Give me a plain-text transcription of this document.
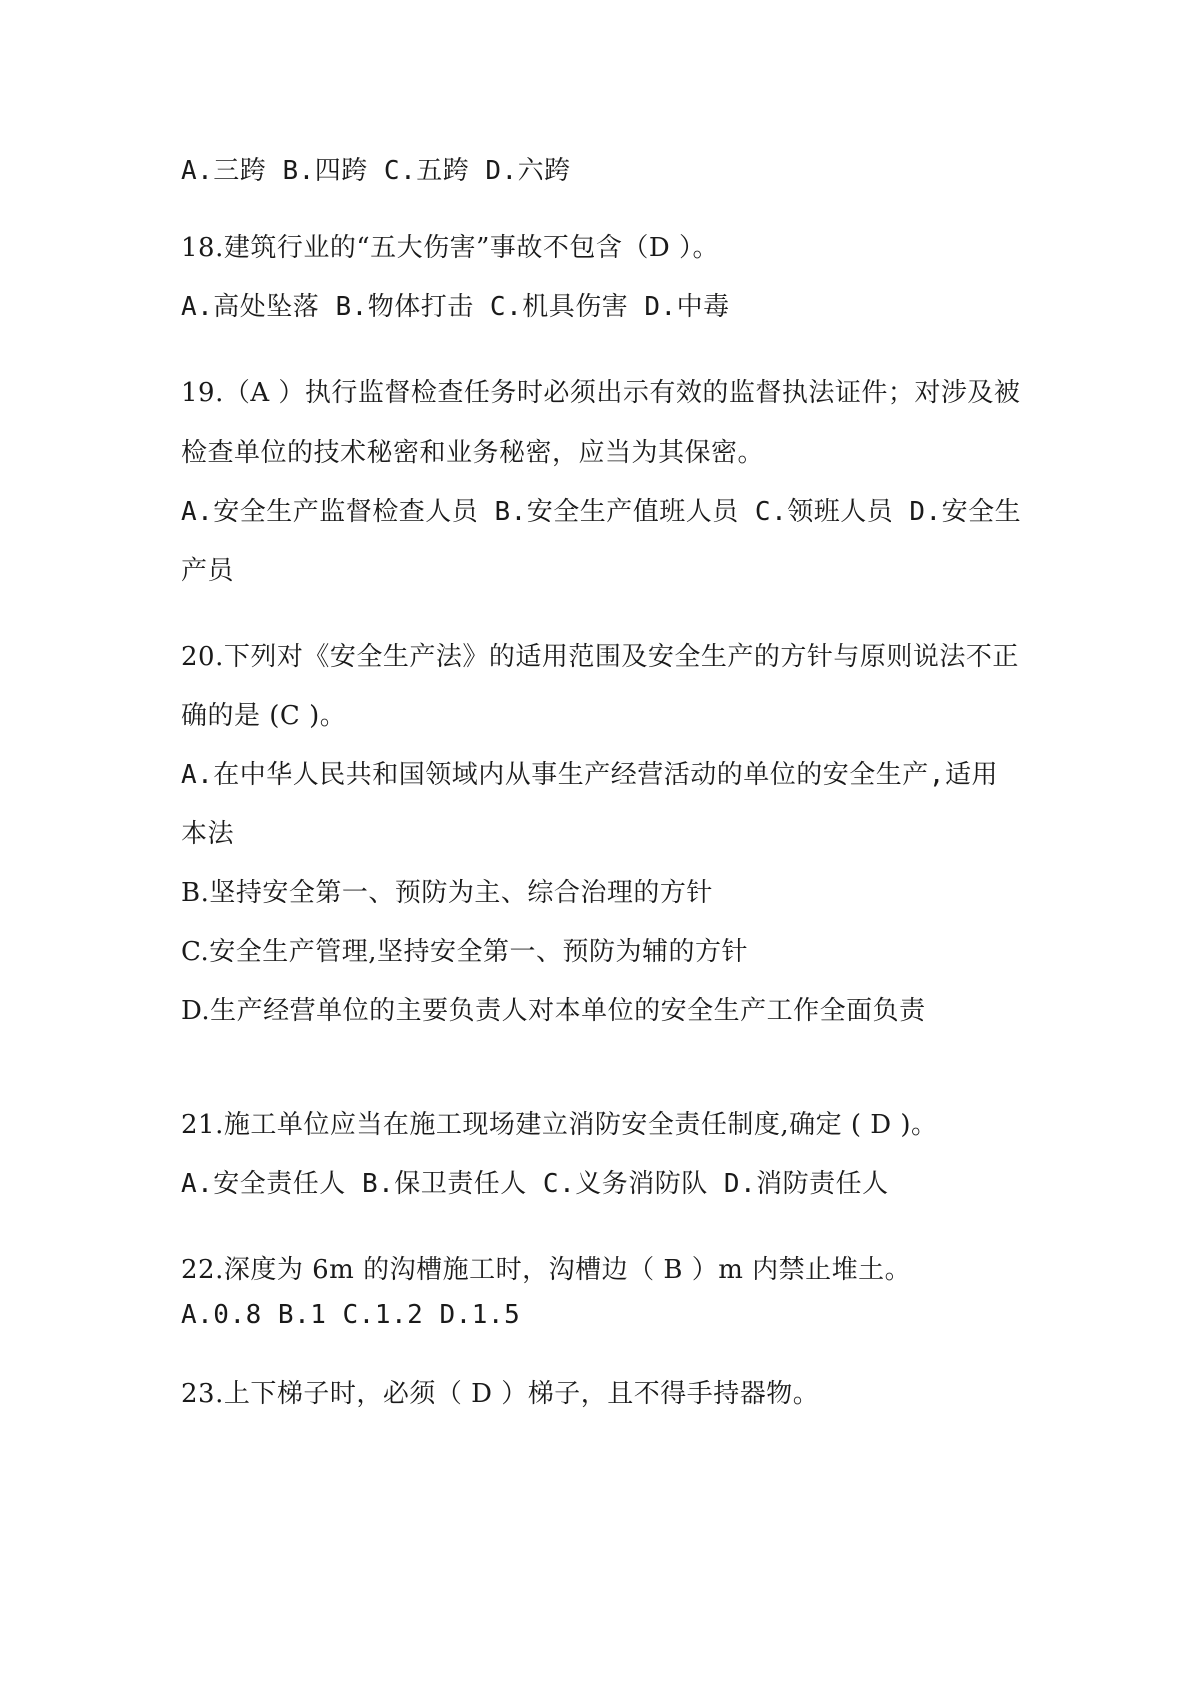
A.三跨 B.四跨 C.五跨 D.六跨
18.建筑行业的“五大伤害”事故不包含（D ）。
A.高处坠落 B.物体打击 C.机具伤害 D.中毒
19.（A ）执行监督检查任务时必须出示有效的监督执法证件；对涉及被
检查单位的技术秘密和业务秘密，应当为其保密。
A.安全生产监督检查人员 B.安全生产值班人员 C.领班人员 D.安全生
产员
20.下列对《安全生产法》的适用范围及安全生产的方针与原则说法不正
确的是 (C )。
A.在中华人民共和国领域内从事生产经营活动的单位的安全生产,适用
本法
B.坚持安全第一、预防为主、综合治理的方针
C.安全生产管理,坚持安全第一、预防为辅的方针
D.生产经营单位的主要负责人对本单位的安全生产工作全面负责
21.施工单位应当在施工现场建立消防安全责任制度,确定 ( D )。
A.安全责任人 B.保卫责任人 C.义务消防队 D.消防责任人
22.深度为 6m 的沟槽施工时，沟槽边（ B ）m 内禁止堆土。
A.0.8 B.1 C.1.2 D.1.5
23.上下梯子时，必须（ D ）梯子，且不得手持器物。
